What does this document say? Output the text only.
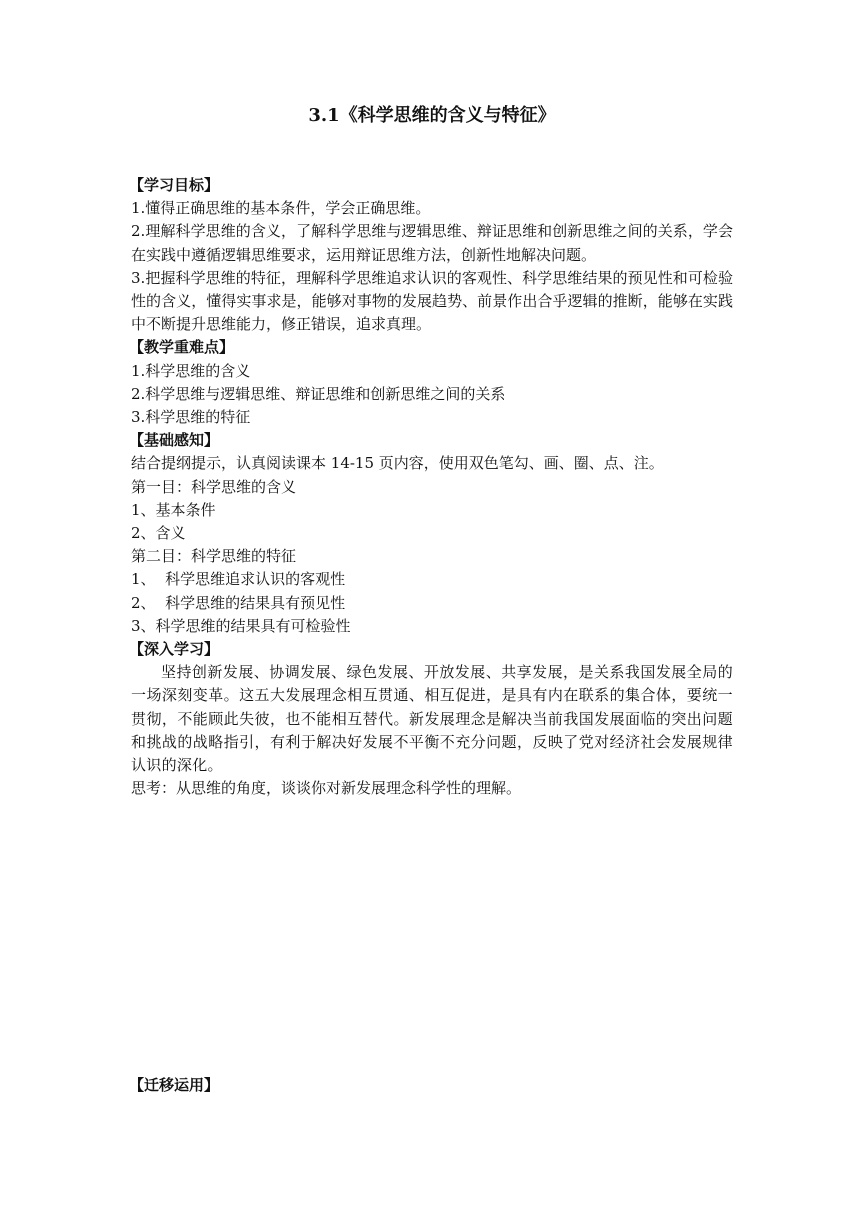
3.1《科学思维的含义与特征》

【学习目标】

1.懂得正确思维的基本条件，学会正确思维。

2.理解科学思维的含义，了解科学思维与逻辑思维、辩证思维和创新思维之间的关系，学会在实践中遵循逻辑思维要求，运用辩证思维方法，创新性地解决问题。

3.把握科学思维的特征，理解科学思维追求认识的客观性、科学思维结果的预见性和可检验性的含义，懂得实事求是，能够对事物的发展趋势、前景作出合乎逻辑的推断，能够在实践中不断提升思维能力，修正错误，追求真理。

【教学重难点】

1.科学思维的含义

2.科学思维与逻辑思维、辩证思维和创新思维之间的关系

3.科学思维的特征

【基础感知】

结合提纲提示，认真阅读课本 14-15 页内容，使用双色笔勾、画、圈、点、注。

第一目：科学思维的含义

1、基本条件

2、含义

第二目：科学思维的特征

1、  科学思维追求认识的客观性

2、  科学思维的结果具有预见性

3、科学思维的结果具有可检验性

【深入学习】

坚持创新发展、协调发展、绿色发展、开放发展、共享发展，是关系我国发展全局的一场深刻变革。这五大发展理念相互贯通、相互促进，是具有内在联系的集合体，要统一贯彻，不能顾此失彼，也不能相互替代。新发展理念是解决当前我国发展面临的突出问题和挑战的战略指引，有利于解决好发展不平衡不充分问题，反映了党对经济社会发展规律认识的深化。

思考：从思维的角度，谈谈你对新发展理念科学性的理解。

【迁移运用】
